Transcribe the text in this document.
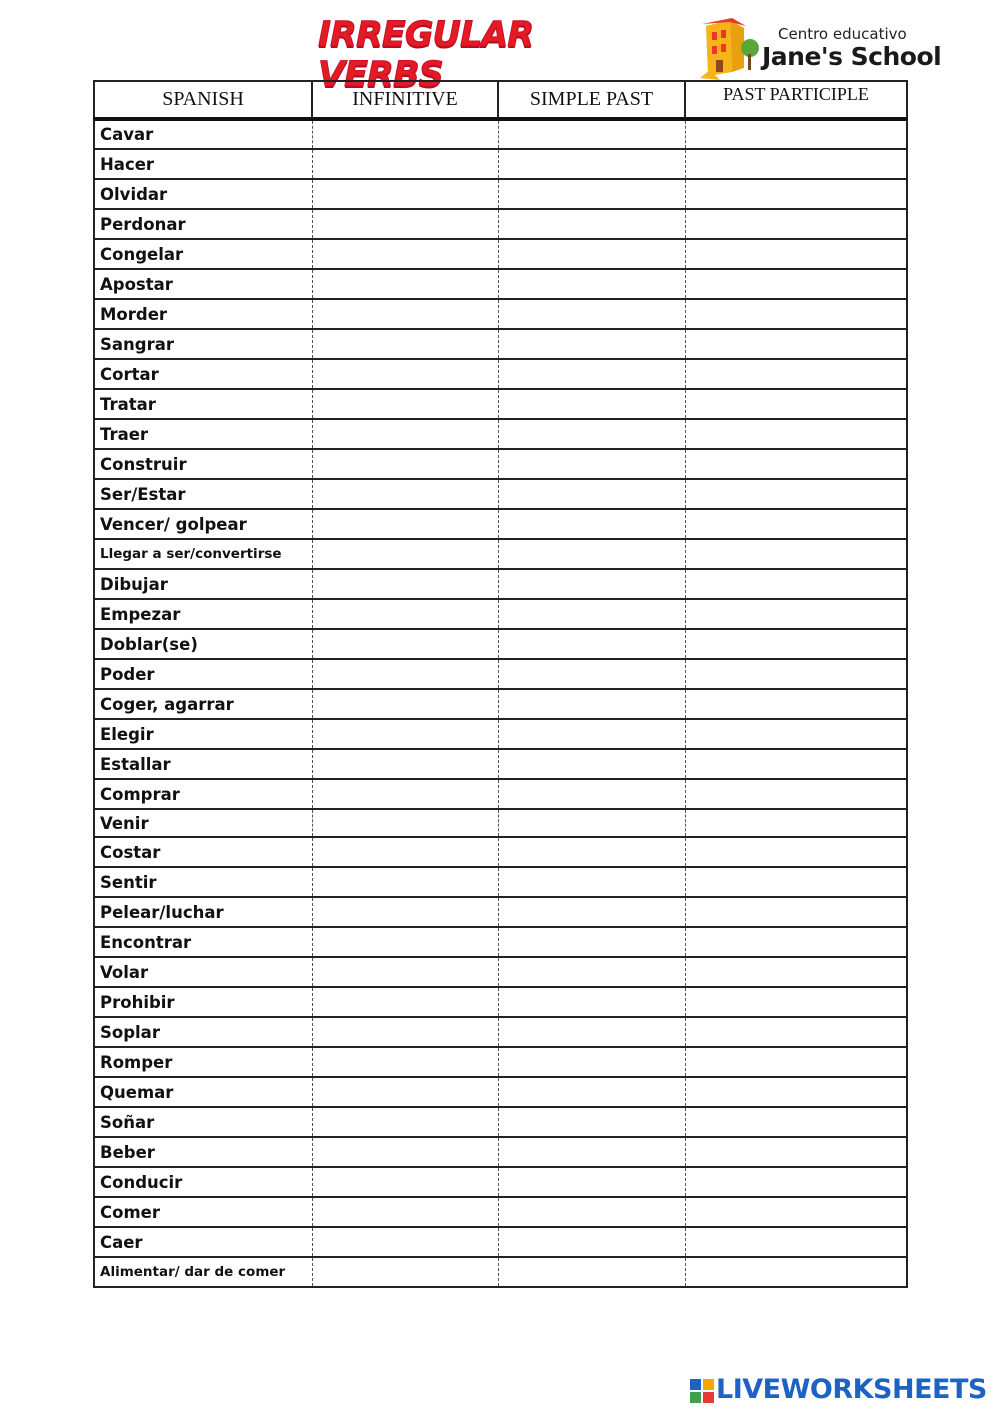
IRREGULAR VERBS
Centro educativo
Jane's School
SPANISH	INFINITIVE	SIMPLE PAST	PAST PARTICIPLE
Cavar			
Hacer			
Olvidar			
Perdonar			
Congelar			
Apostar			
Morder			
Sangrar			
Cortar			
Tratar			
Traer			
Construir			
Ser/Estar			
Vencer/ golpear			
Llegar a ser/convertirse			
Dibujar			
Empezar			
Doblar(se)			
Poder			
Coger, agarrar			
Elegir			
Estallar			
Comprar			
Venir			
Costar			
Sentir			
Pelear/luchar			
Encontrar			
Volar			
Prohibir			
Soplar			
Romper			
Quemar			
Soñar			
Beber			
Conducir			
Comer			
Caer			
Alimentar/ dar de comer			
LIVEWORKSHEETS
